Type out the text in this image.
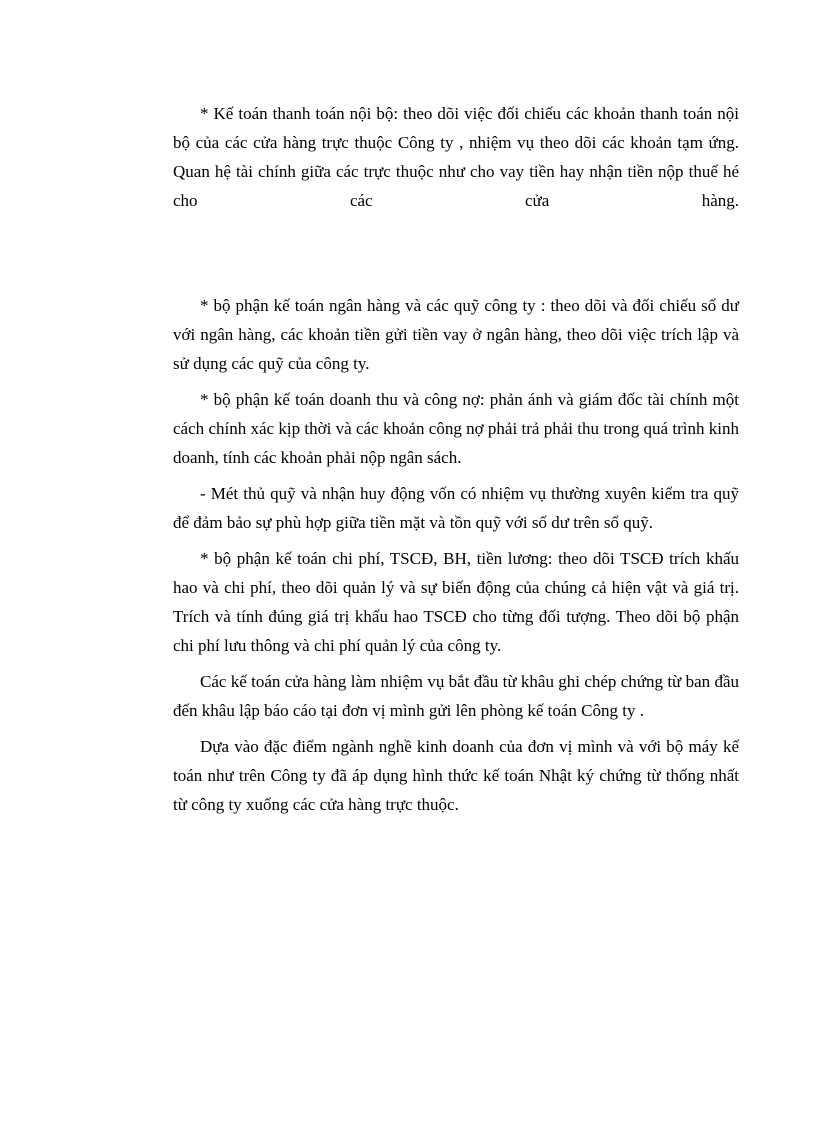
* Kế toán thanh toán nội bộ: theo dõi việc đối chiếu các khoản thanh toán nội bộ của các cửa hàng trực thuộc Công ty , nhiệm vụ theo dõi các khoản tạm ứng. Quan hệ tài chính giữa các trực thuộc như cho vay tiền hay nhận tiền nộp thuế hé cho các cửa hàng.

* bộ phận kế toán ngân hàng và các quỹ công ty : theo dõi và đối chiếu số dư với ngân hàng, các khoản tiền gửi tiền vay ở ngân hàng, theo dõi việc trích lập và sử dụng các quỹ của công ty.

* bộ phận kế toán doanh thu và công nợ: phản ánh và giám đốc tài chính một cách chính xác kịp thời và các khoản công nợ phải trả phải thu trong quá trình kinh doanh, tính các khoản phải nộp ngân sách.

- Mét thủ quỹ và nhận huy động vốn có nhiệm vụ thường xuyên kiểm tra quỹ để đảm bảo sự phù hợp giữa tiền mặt và tồn quỹ với số dư trên sổ quỹ.

* bộ phận kế toán chi phí, TSCĐ, BH, tiền lương: theo dõi TSCĐ trích khấu hao và chi phí, theo dõi quản lý và sự biến động của chúng cả hiện vật và giá trị. Trích và tính đúng giá trị khấu hao TSCĐ cho từng đối tượng. Theo dõi bộ phận chi phí lưu thông và chi phí quản lý của công ty.

Các kế toán cửa hàng làm nhiệm vụ bắt đầu từ khâu ghi chép chứng từ ban đầu đến khâu lập báo cáo tại đơn vị mình gửi lên phòng kế toán Công ty .

Dựa vào đặc điểm ngành nghề kinh doanh của đơn vị mình và với bộ máy kế toán như trên Công ty đã áp dụng hình thức kế toán Nhật ký chứng từ thống nhất từ công ty xuống các cửa hàng trực thuộc.
